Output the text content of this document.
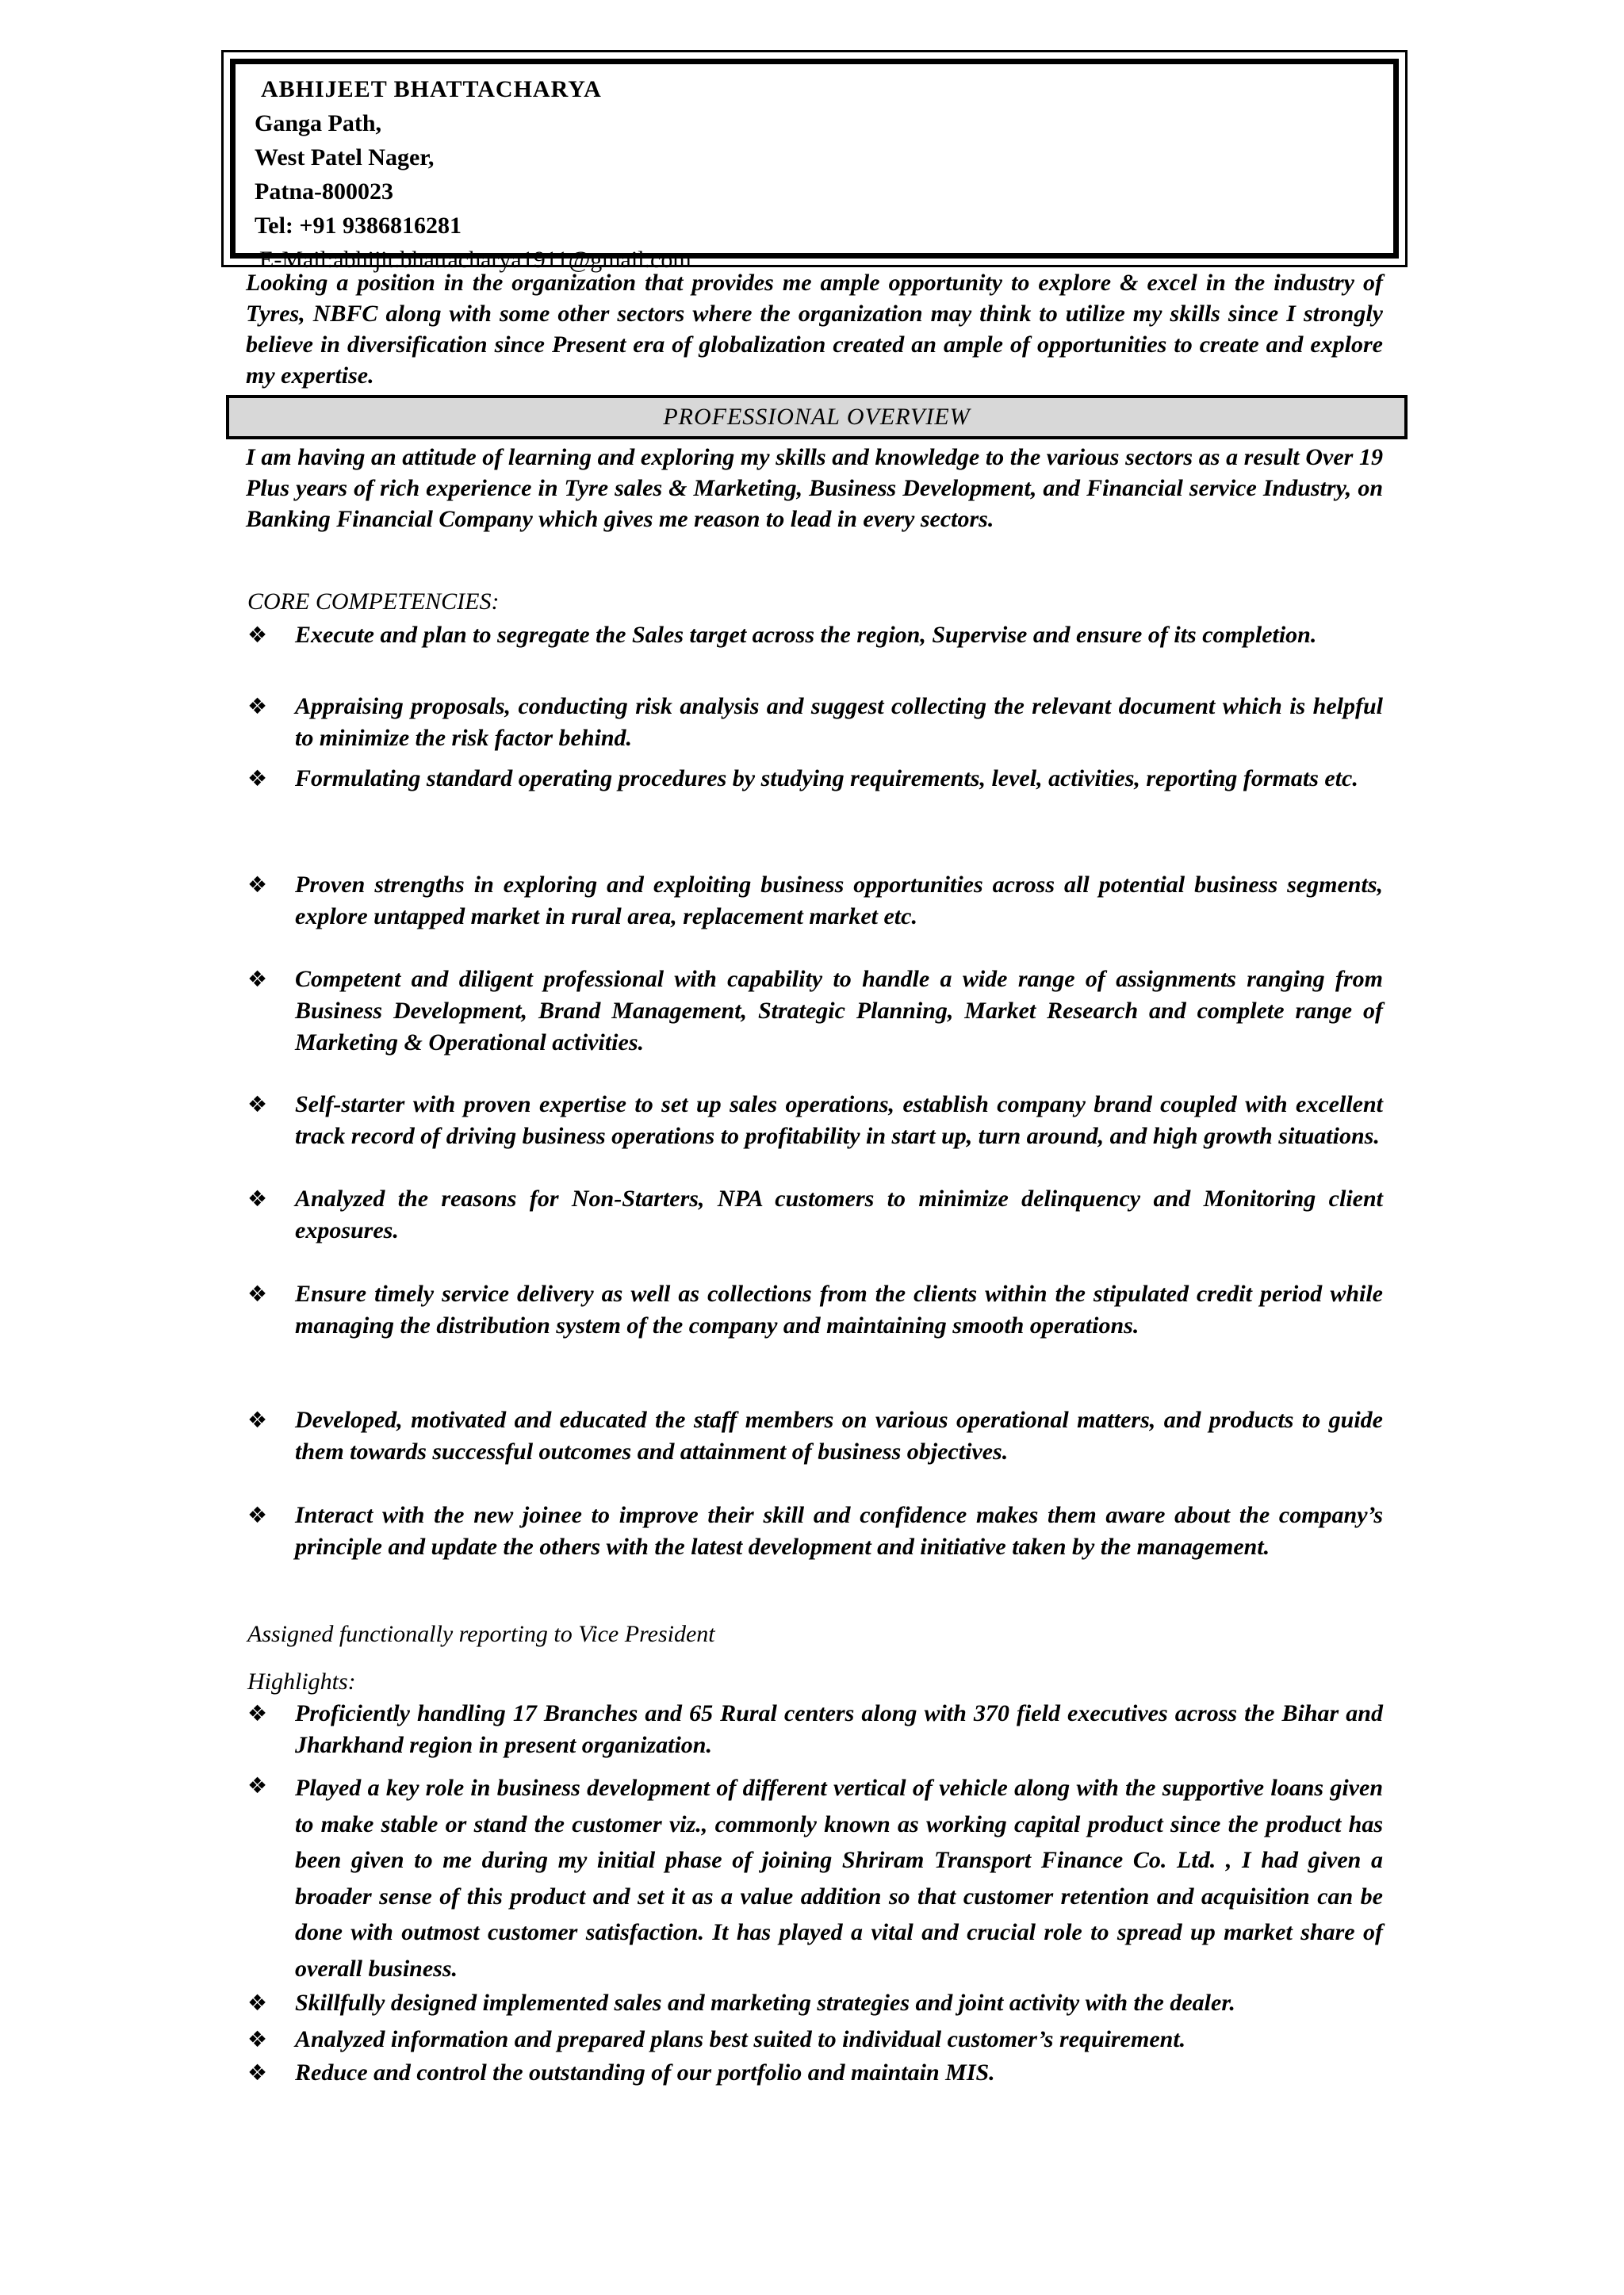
ABHIJEET BHATTACHARYA
Ganga Path,
West Patel Nager,
Patna-800023
Tel: +91 9386816281
E-Mail:abhijit.bhattacharya1911@gmail.com
Looking a position in the organization that provides me ample opportunity to explore & excel in the industry of Tyres, NBFC along with some other sectors where the organization may think to utilize my skills since I strongly believe in diversification since Present era of globalization created an ample of opportunities to create and explore my expertise.
PROFESSIONAL OVERVIEW
I am having an attitude of learning and exploring my skills and knowledge to the various sectors as a result Over 19 Plus years of rich experience in Tyre sales & Marketing, Business Development, and Financial service Industry, on Banking Financial Company which gives me reason to lead in every sectors.
CORE COMPETENCIES:
❖ Execute and plan to segregate the Sales target across the region, Supervise and ensure of its completion.
❖ Appraising proposals, conducting risk analysis and suggest collecting the relevant document which is helpful to minimize the risk factor behind.
❖ Formulating standard operating procedures by studying requirements, level, activities, reporting formats etc.
❖ Proven strengths in exploring and exploiting business opportunities across all potential business segments, explore untapped market in rural area, replacement market etc.
❖ Competent and diligent professional with capability to handle a wide range of assignments ranging from Business Development, Brand Management, Strategic Planning, Market Research and complete range of Marketing & Operational activities.
❖ Self-starter with proven expertise to set up sales operations, establish company brand coupled with excellent track record of driving business operations to profitability in start up, turn around, and high growth situations.
❖ Analyzed the reasons for Non-Starters, NPA customers to minimize delinquency and Monitoring client exposures.
❖ Ensure timely service delivery as well as collections from the clients within the stipulated credit period while managing the distribution system of the company and maintaining smooth operations.
❖ Developed, motivated and educated the staff members on various operational matters, and products to guide them towards successful outcomes and attainment of business objectives.
❖ Interact with the new joinee to improve their skill and confidence makes them aware about the company’s principle and update the others with the latest development and initiative taken by the management.
Assigned functionally reporting to Vice President
Highlights:
❖ Proficiently handling 17 Branches and 65 Rural centers along with 370 field executives across the Bihar and Jharkhand region in present organization.
❖ Played a key role in business development of different vertical of vehicle along with the supportive loans given to make stable or stand the customer viz., commonly known as working capital product since the product has been given to me during my initial phase of joining Shriram Transport Finance Co. Ltd. , I had given a broader sense of this product and set it as a value addition so that customer retention and acquisition can be done with outmost customer satisfaction. It has played a vital and crucial role to spread up market share of overall business.
❖ Skillfully designed implemented sales and marketing strategies and joint activity with the dealer.
❖ Analyzed information and prepared plans best suited to individual customer’s requirement.
❖ Reduce and control the outstanding of our portfolio and maintain MIS.
